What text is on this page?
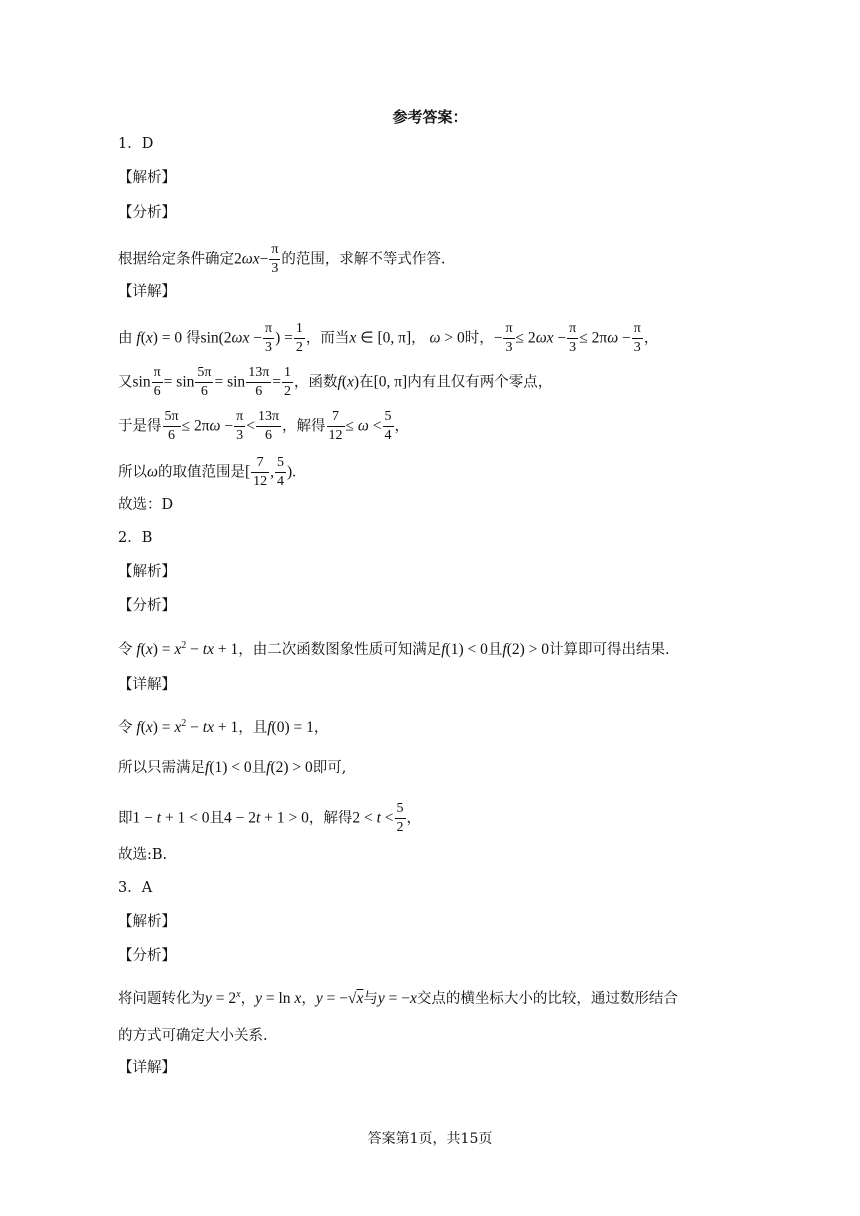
参考答案：
1．D
【解析】
【分析】
根据给定条件确定$2\omega x- \frac{\pi}{3}$ 的范围，求解不等式作答.
【详解】
由 f(x) = 0 得$\sin(2\omega x - \frac{\pi}{3}$ ) = $\frac{1}{2}$ ，而当x ∈ [0, π]， ω > 0时，− $\frac{\pi}{3} \le 2\omega x - \frac{\pi}{3} \le 2\pi\omega - \frac{\pi}{3}$ ，
又$\sin \frac{\pi}{6} = \sin \frac{5\pi}{6} = \sin \frac{13\pi}{6} = \frac{1}{2}$ ，函数f(x)在[0, π]内有且仅有两个零点，
于是得 $\frac{5\pi}{6} \le 2\pi\omega - \frac{\pi}{3} < \frac{13\pi}{6}$ ，解得 $\frac{7}{12} \le \omega < \frac{5}{4}$ ，
所以ω的取值范围是[ $\frac{7}{12}$ , $\frac{5}{4}$ ).
故选：D
2．B
【解析】
【分析】
令 $f(x) = x^2$ − tx + 1，由二次函数图象性质可知满足f(1) < 0且f(2) > 0计算即可得出结果.
【详解】
令 $f(x) = x^2$ − tx + 1，且f(0) = 1，
所以只需满足f(1) < 0且f(2) > 0即可,
即1 − t + 1 < 0且4 − 2t + 1 > 0，解得$2 < t < \frac{5}{2}$ ，
故选:B.
3．A
【解析】
【分析】
将问题转化为$y = 2^x$，y = ln x，y = −√x与y = −x交点的横坐标大小的比较，通过数形结合
的方式可确定大小关系.
【详解】
答案第1页，共15页
